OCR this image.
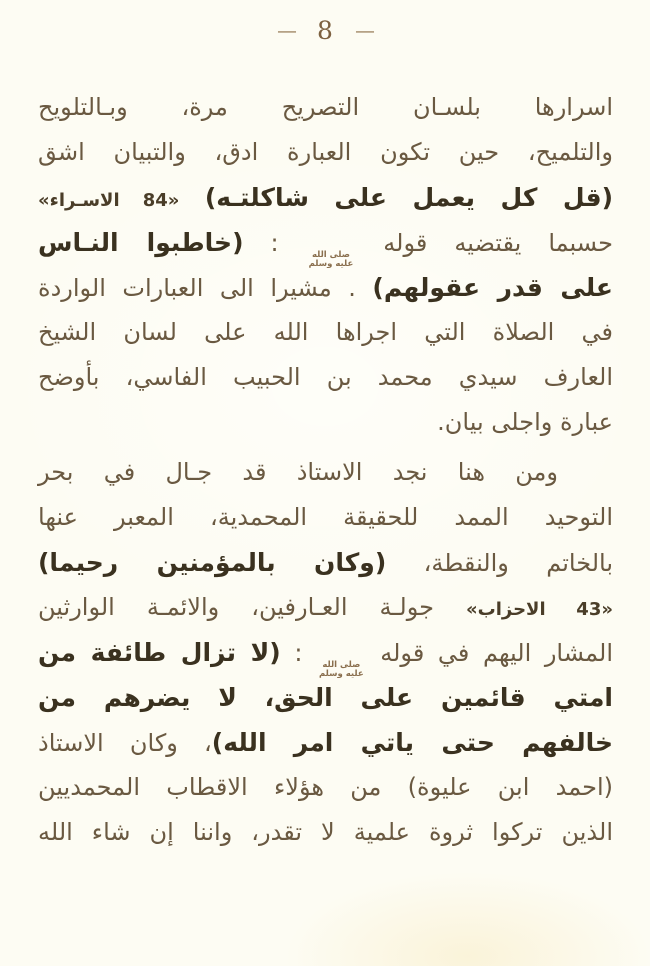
—
8
—

اسرارها بلسـان التصريح مرة، وبـالتلويح

والتلميح، حين تكون العبارة ادق، والتبيان اشق

(قل كل يعمل على شاكلتـه) «84 الاسـراء»

حسبما يقتضيه قوله
صلى الله
عليه وسلم
: (خاطبوا النـاس

على قدر عقولهم) . مشيرا الى العبارات الواردة

في الصلاة التي اجراها الله على لسان الشيخ

العارف سيدي محمد بن الحبيب الفاسي، بأوضح

عبارة واجلى بيان.

ومن هنا نجد الاستاذ قد جـال في بحر

التوحيد الممد للحقيقة المحمدية، المعبر عنها

بالخاتم والنقطة، (وكان بالمؤمنين رحيما)

«43 الاحزاب» جولـة العـارفين، والائمـة الوارثين

المشار اليهم في قوله
صلى الله
عليه وسلم
: (لا تزال طائفة من

امتي قائمين على الحق، لا يضرهم من

خالفهم حتى ياتي امر الله)، وكان الاستاذ

(احمد ابن عليوة) من هؤلاء الاقطاب المحمديين

الذين تركوا ثروة علمية لا تقدر، واننا إن شاء الله
